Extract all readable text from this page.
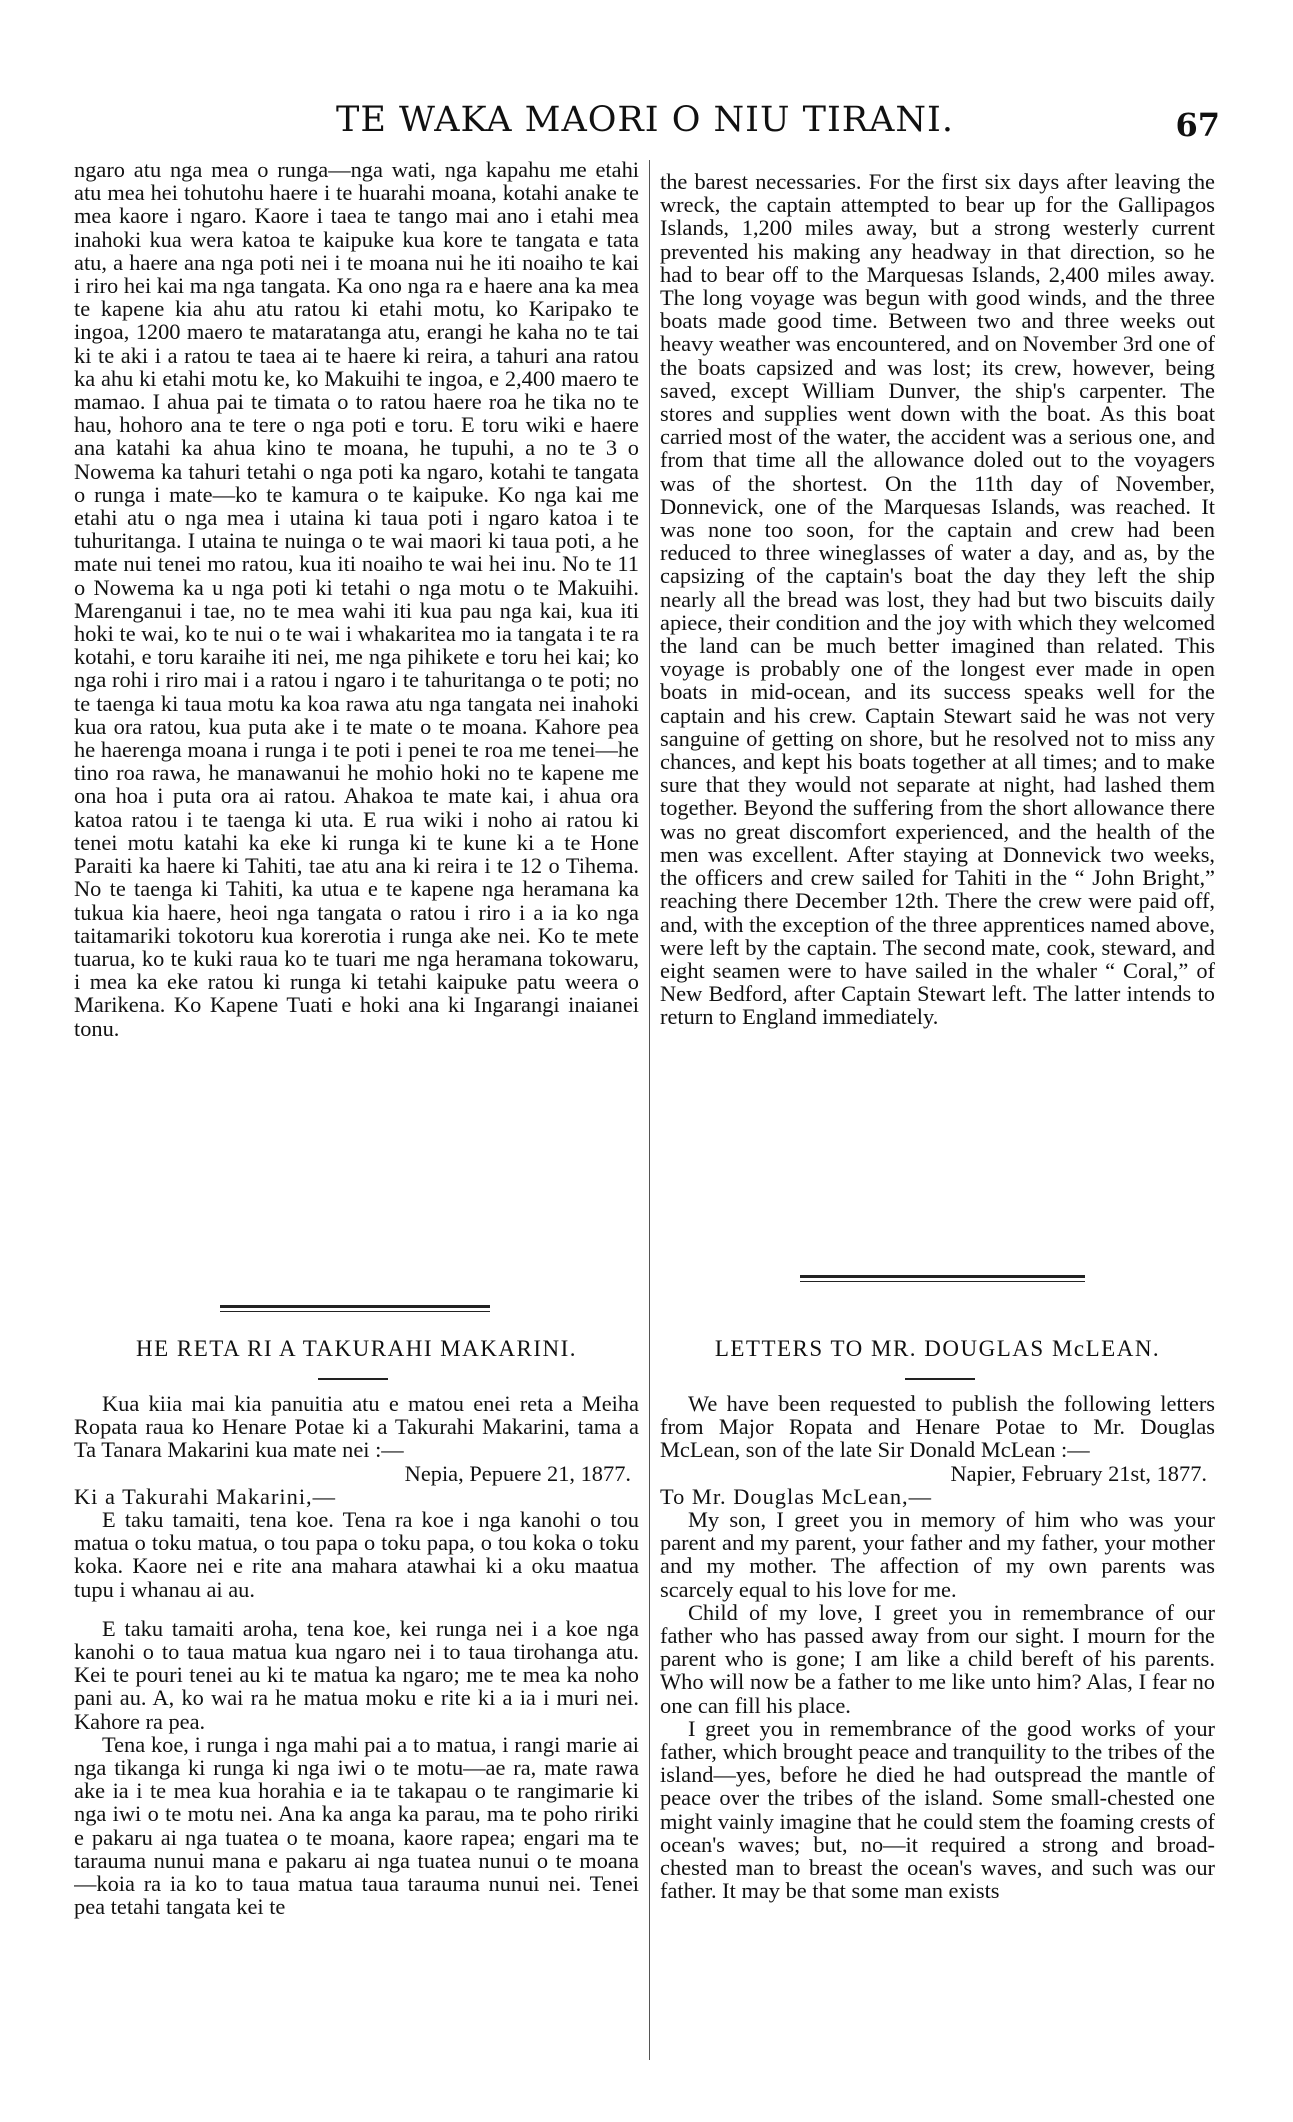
TE WAKA MAORI O NIU TIRANI.	67

ngaro atu nga mea o runga—nga wati, nga kapahu me etahi atu mea hei tohutohu haere i te huarahi moana, kotahi anake te mea kaore i ngaro. Kaore i taea te tango mai ano i etahi mea inahoki kua wera katoa te kaipuke kua kore te tangata e tata atu, a haere ana nga poti nei i te moana nui he iti noaiho te kai i riro hei kai ma nga tangata. Ka ono nga ra e haere ana ka mea te kapene kia ahu atu ratou ki etahi motu, ko Karipako te ingoa, 1200 maero te mataratanga atu, erangi he kaha no te tai ki te aki i a ratou te taea ai te haere ki reira, a tahuri ana ratou ka ahu ki etahi motu ke, ko Makuihi te ingoa, e 2,400 maero te mamao. I ahua pai te timata o to ratou haere roa he tika no te hau, hohoro ana te tere o nga poti e toru. E toru wiki e haere ana katahi ka ahua kino te moana, he tupuhi, a no te 3 o Nowema ka tahuri tetahi o nga poti ka ngaro, kotahi te tangata o runga i mate—ko te kamura o te kaipuke. Ko nga kai me etahi atu o nga mea i utaina ki taua poti i ngaro katoa i te tuhuritanga. I utaina te nuinga o te wai maori ki taua poti, a he mate nui tenei mo ratou, kua iti noaiho te wai hei inu. No te 11 o Nowema ka u nga poti ki tetahi o nga motu o te Makuihi. Marenganui i tae, no te mea wahi iti kua pau nga kai, kua iti hoki te wai, ko te nui o te wai i whakaritea mo ia tangata i te ra kotahi, e toru karaihe iti nei, me nga pihikete e toru hei kai; ko nga rohi i riro mai i a ratou i ngaro i te tahuritanga o te poti; no te taenga ki taua motu ka koa rawa atu nga tangata nei inahoki kua ora ratou, kua puta ake i te mate o te moana. Kahore pea he haerenga moana i runga i te poti i penei te roa me tenei—he tino roa rawa, he manawanui he mohio hoki no te kapene me ona hoa i puta ora ai ratou. Ahakoa te mate kai, i ahua ora katoa ratou i te taenga ki uta. E rua wiki i noho ai ratou ki tenei motu katahi ka eke ki runga ki te kune ki a te Hone Paraiti ka haere ki Tahiti, tae atu ana ki reira i te 12 o Tihema. No te taenga ki Tahiti, ka utua e te kapene nga heramana ka tukua kia haere, heoi nga tangata o ratou i riro i a ia ko nga taitamariki tokotoru kua korerotia i runga ake nei. Ko te mete tuarua, ko te kuki raua ko te tuari me nga heramana tokowaru, i mea ka eke ratou ki runga ki tetahi kaipuke patu weera o Marikena. Ko Kapene Tuati e hoki ana ki Ingarangi inaianei tonu.

the barest necessaries. For the first six days after leaving the wreck, the captain attempted to bear up for the Gallipagos Islands, 1,200 miles away, but a strong westerly current prevented his making any headway in that direction, so he had to bear off to the Marquesas Islands, 2,400 miles away. The long voyage was begun with good winds, and the three boats made good time. Between two and three weeks out heavy weather was encountered, and on November 3rd one of the boats capsized and was lost; its crew, however, being saved, except William Dunver, the ship's carpenter. The stores and supplies went down with the boat. As this boat carried most of the water, the accident was a serious one, and from that time all the allowance doled out to the voyagers was of the shortest. On the 11th day of November, Donnevick, one of the Marquesas Islands, was reached. It was none too soon, for the captain and crew had been reduced to three wineglasses of water a day, and as, by the capsizing of the captain's boat the day they left the ship nearly all the bread was lost, they had but two biscuits daily apiece, their condition and the joy with which they welcomed the land can be much better imagined than related. This voyage is probably one of the longest ever made in open boats in mid-ocean, and its success speaks well for the captain and his crew. Captain Stewart said he was not very sanguine of getting on shore, but he resolved not to miss any chances, and kept his boats together at all times; and to make sure that they would not separate at night, had lashed them together. Beyond the suffering from the short allowance there was no great discomfort experienced, and the health of the men was excellent. After staying at Donnevick two weeks, the officers and crew sailed for Tahiti in the “ John Bright,” reaching there December 12th. There the crew were paid off, and, with the exception of the three apprentices named above, were left by the captain. The second mate, cook, steward, and eight seamen were to have sailed in the whaler “ Coral,” of New Bedford, after Captain Stewart left. The latter intends to return to England immediately.

HE RETA RI A TAKURAHI MAKARINI.

Kua kiia mai kia panuitia atu e matou enei reta a Meiha Ropata raua ko Henare Potae ki a Takurahi Makarini, tama a Ta Tanara Makarini kua mate nei :—

Nepia, Pepuere 21, 1877.

Ki a Takurahi Makarini,—

E taku tamaiti, tena koe. Tena ra koe i nga kanohi o tou matua o toku matua, o tou papa o toku papa, o tou koka o toku koka. Kaore nei e rite ana mahara atawhai ki a oku maatua tupu i whanau ai au.

E taku tamaiti aroha, tena koe, kei runga nei i a koe nga kanohi o to taua matua kua ngaro nei i to taua tirohanga atu. Kei te pouri tenei au ki te matua ka ngaro; me te mea ka noho pani au. A, ko wai ra he matua moku e rite ki a ia i muri nei. Kahore ra pea.

Tena koe, i runga i nga mahi pai a to matua, i rangi marie ai nga tikanga ki runga ki nga iwi o te motu—ae ra, mate rawa ake ia i te mea kua horahia e ia te takapau o te rangimarie ki nga iwi o te motu nei. Ana ka anga ka parau, ma te poho ririki e pakaru ai nga tuatea o te moana, kaore rapea; engari ma te tarauma nunui mana e pakaru ai nga tuatea nunui o te moana—koia ra ia ko to taua matua taua tarauma nunui nei. Tenei pea tetahi tangata kei te

LETTERS TO MR. DOUGLAS McLEAN.

We have been requested to publish the following letters from Major Ropata and Henare Potae to Mr. Douglas McLean, son of the late Sir Donald McLean :—

Napier, February 21st, 1877.

To Mr. Douglas McLean,—

My son, I greet you in memory of him who was your parent and my parent, your father and my father, your mother and my mother. The affection of my own parents was scarcely equal to his love for me.

Child of my love, I greet you in remembrance of our father who has passed away from our sight. I mourn for the parent who is gone; I am like a child bereft of his parents. Who will now be a father to me like unto him? Alas, I fear no one can fill his place.

I greet you in remembrance of the good works of your father, which brought peace and tranquility to the tribes of the island—yes, before he died he had outspread the mantle of peace over the tribes of the island. Some small-chested one might vainly imagine that he could stem the foaming crests of ocean's waves; but, no—it required a strong and broad-chested man to breast the ocean's waves, and such was our father. It may be that some man exists
